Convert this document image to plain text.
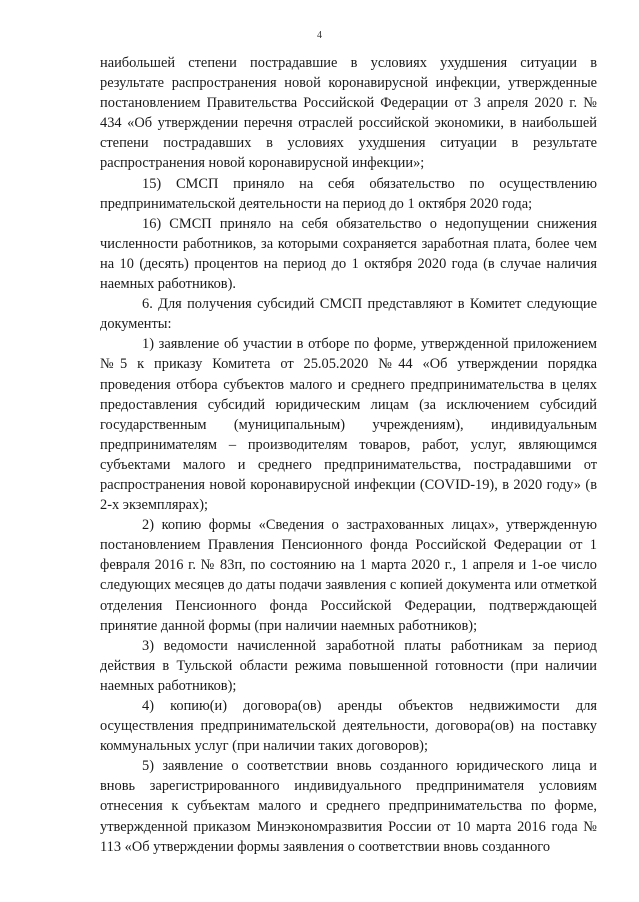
4

наибольшей степени пострадавшие в условиях ухудшения ситуации в результате распространения новой коронавирусной инфекции, утвержденные постановлением Правительства Российской Федерации от 3 апреля 2020 г. № 434 «Об утверждении перечня отраслей российской экономики, в наибольшей степени пострадавших в условиях ухудшения ситуации в результате распространения новой коронавирусной инфекции»;

15) СМСП приняло на себя обязательство по осуществлению предпринимательской деятельности на период до 1 октября 2020 года;

16) СМСП приняло на себя обязательство о недопущении снижения численности работников, за которыми сохраняется заработная плата, более чем на 10 (десять) процентов на период до 1 октября 2020 года (в случае наличия наемных работников).

6. Для получения субсидий СМСП представляют в Комитет следующие документы:

1) заявление об участии в отборе по форме, утвержденной приложением №5 к приказу Комитета от 25.05.2020 №44 «Об утверждении порядка проведения отбора субъектов малого и среднего предпринимательства в целях предоставления субсидий юридическим лицам (за исключением субсидий государственным (муниципальным) учреждениям), индивидуальным предпринимателям – производителям товаров, работ, услуг, являющимся субъектами малого и среднего предпринимательства, пострадавшими от распространения новой коронавирусной инфекции (COVID-19), в 2020 году» (в 2-х экземплярах);

2) копию формы «Сведения о застрахованных лицах», утвержденную постановлением Правления Пенсионного фонда Российской Федерации от 1 февраля 2016 г. № 83п, по состоянию на 1 марта 2020 г., 1 апреля и 1-ое число следующих месяцев до даты подачи заявления с копией документа или отметкой отделения Пенсионного фонда Российской Федерации, подтверждающей принятие данной формы (при наличии наемных работников);

3) ведомости начисленной заработной платы работникам за период действия в Тульской области режима повышенной готовности (при наличии наемных работников);

4) копию(и) договора(ов) аренды объектов недвижимости для осуществления предпринимательской деятельности, договора(ов) на поставку коммунальных услуг (при наличии таких договоров);

5) заявление о соответствии вновь созданного юридического лица и вновь зарегистрированного индивидуального предпринимателя условиям отнесения к субъектам малого и среднего предпринимательства по форме, утвержденной приказом Минэкономразвития России от 10 марта 2016 года № 113 «Об утверждении формы заявления о соответствии вновь созданного
